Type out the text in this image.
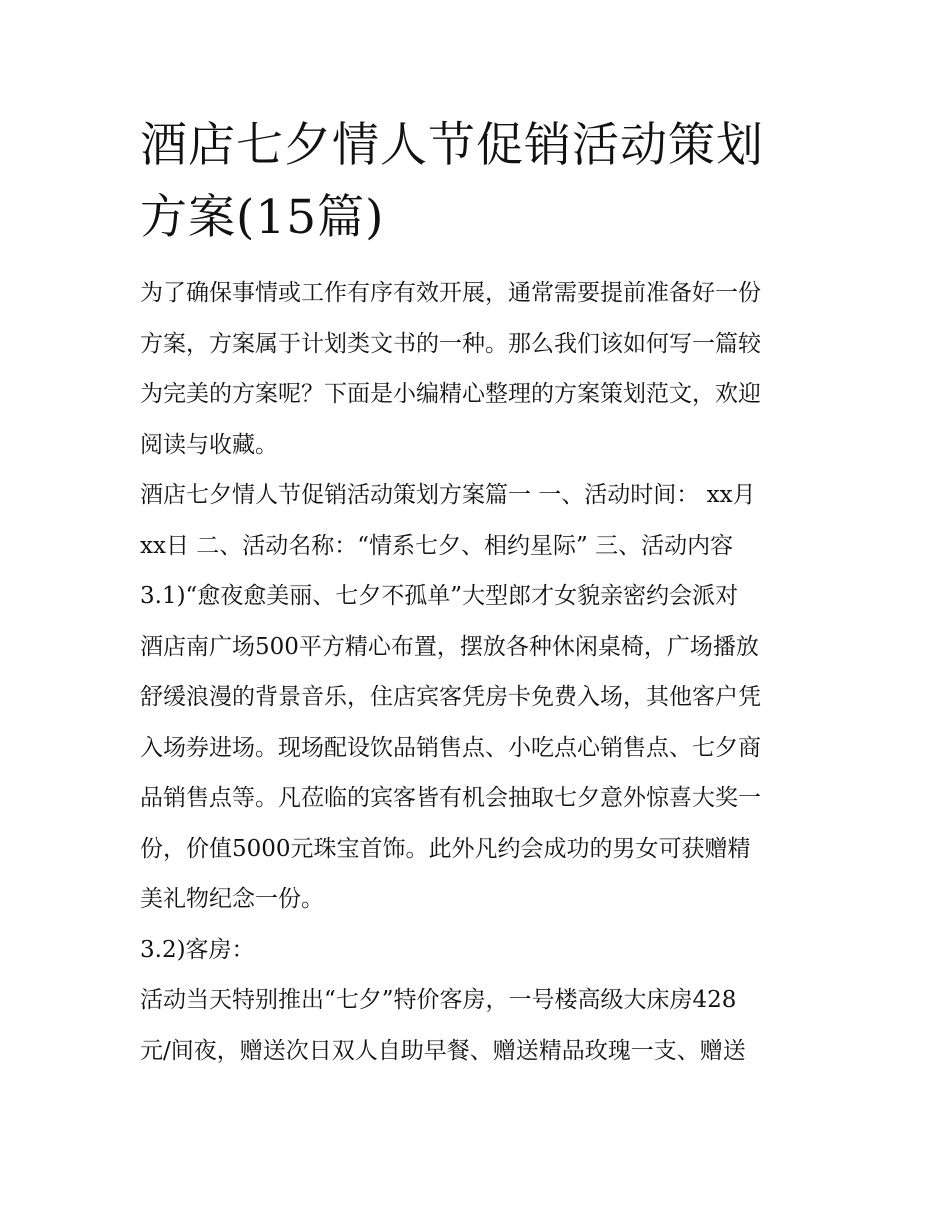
酒店七夕情人节促销活动策划
方案(15篇)
为了确保事情或工作有序有效开展，通常需要提前准备好一份
方案，方案属于计划类文书的一种。那么我们该如何写一篇较
为完美的方案呢？下面是小编精心整理的方案策划范文，欢迎
阅读与收藏。
酒店七夕情人节促销活动策划方案篇一 一、活动时间： xx月
xx日 二、活动名称：“情系七夕、相约星际” 三、活动内容
3.1)“愈夜愈美丽、七夕不孤单”大型郎才女貌亲密约会派对
酒店南广场500平方精心布置，摆放各种休闲桌椅，广场播放
舒缓浪漫的背景音乐，住店宾客凭房卡免费入场，其他客户凭
入场券进场。现场配设饮品销售点、小吃点心销售点、七夕商
品销售点等。凡莅临的宾客皆有机会抽取七夕意外惊喜大奖一
份，价值5000元珠宝首饰。此外凡约会成功的男女可获赠精
美礼物纪念一份。
3.2)客房：
活动当天特别推出“七夕”特价客房，一号楼高级大床房428
元/间夜，赠送次日双人自助早餐、赠送精品玫瑰一支、赠送
